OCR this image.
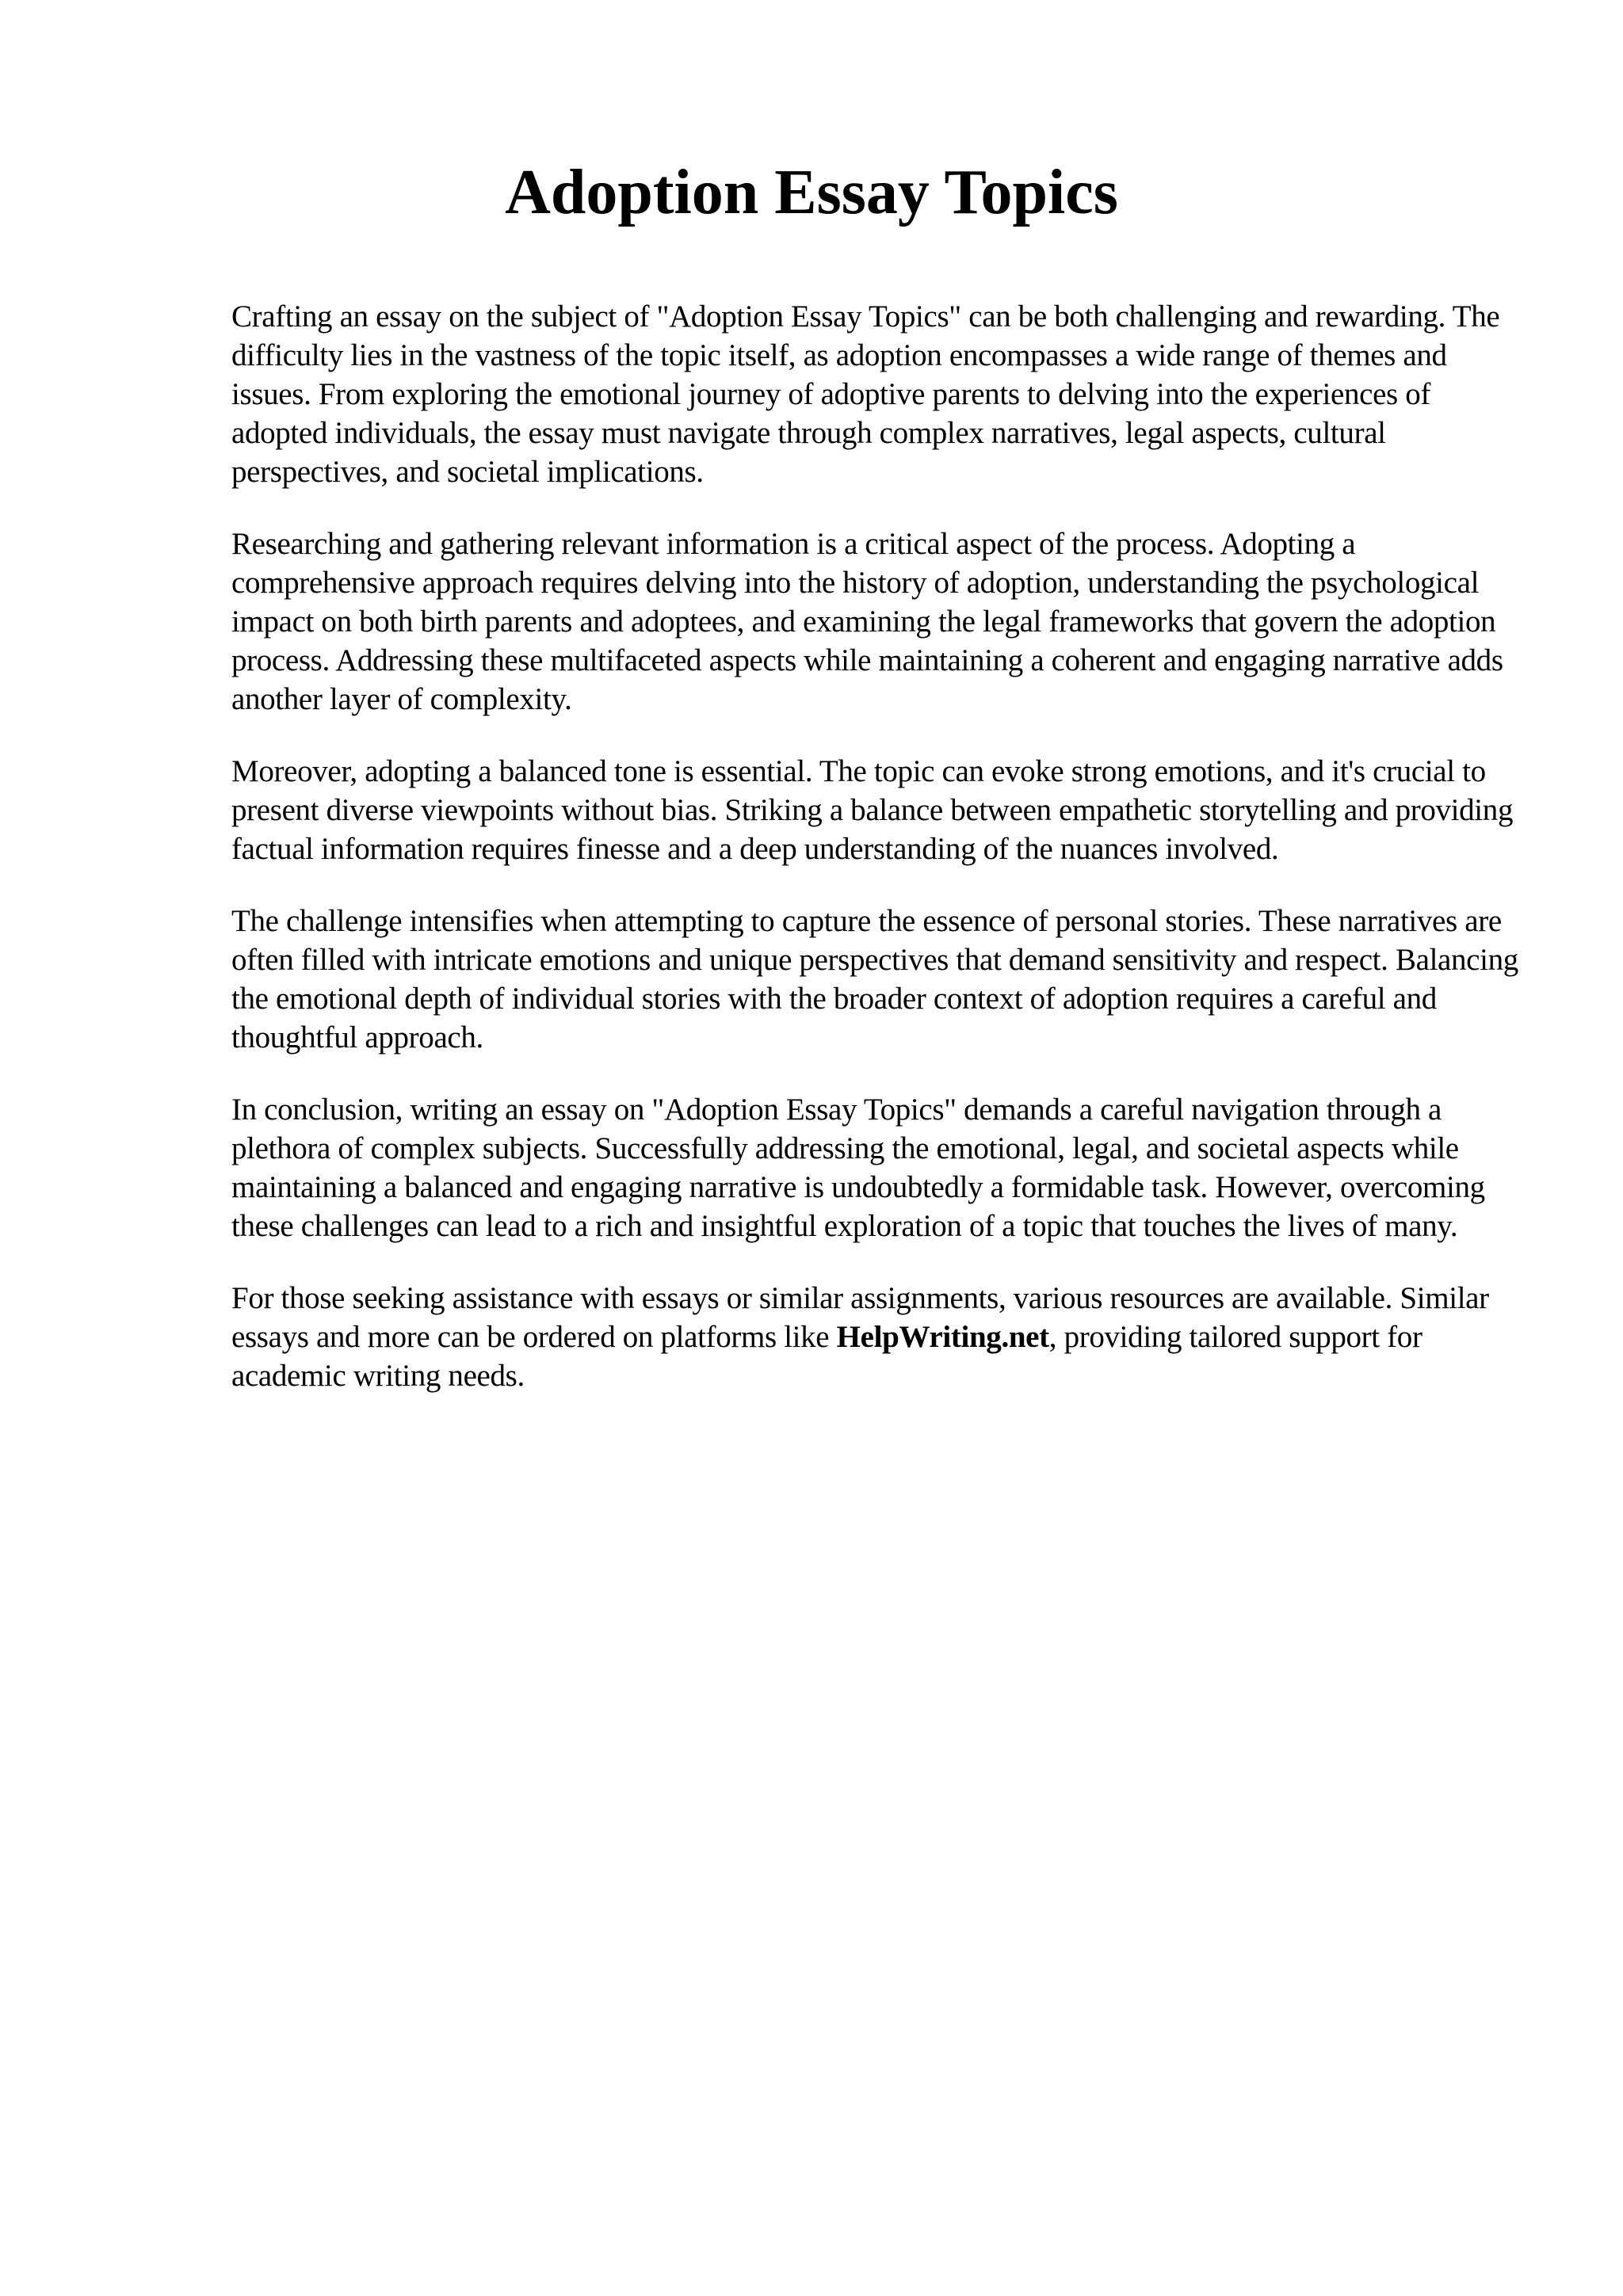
Adoption Essay Topics

Crafting an essay on the subject of "Adoption Essay Topics" can be both challenging and rewarding. The difficulty lies in the vastness of the topic itself, as adoption encompasses a wide range of themes and issues. From exploring the emotional journey of adoptive parents to delving into the experiences of adopted individuals, the essay must navigate through complex narratives, legal aspects, cultural perspectives, and societal implications.

Researching and gathering relevant information is a critical aspect of the process. Adopting a comprehensive approach requires delving into the history of adoption, understanding the psychological impact on both birth parents and adoptees, and examining the legal frameworks that govern the adoption process. Addressing these multifaceted aspects while maintaining a coherent and engaging narrative adds another layer of complexity.

Moreover, adopting a balanced tone is essential. The topic can evoke strong emotions, and it's crucial to present diverse viewpoints without bias. Striking a balance between empathetic storytelling and providing factual information requires finesse and a deep understanding of the nuances involved.

The challenge intensifies when attempting to capture the essence of personal stories. These narratives are often filled with intricate emotions and unique perspectives that demand sensitivity and respect. Balancing the emotional depth of individual stories with the broader context of adoption requires a careful and thoughtful approach.

In conclusion, writing an essay on "Adoption Essay Topics" demands a careful navigation through a plethora of complex subjects. Successfully addressing the emotional, legal, and societal aspects while maintaining a balanced and engaging narrative is undoubtedly a formidable task. However, overcoming these challenges can lead to a rich and insightful exploration of a topic that touches the lives of many.

For those seeking assistance with essays or similar assignments, various resources are available. Similar essays and more can be ordered on platforms like HelpWriting.net, providing tailored support for academic writing needs.
